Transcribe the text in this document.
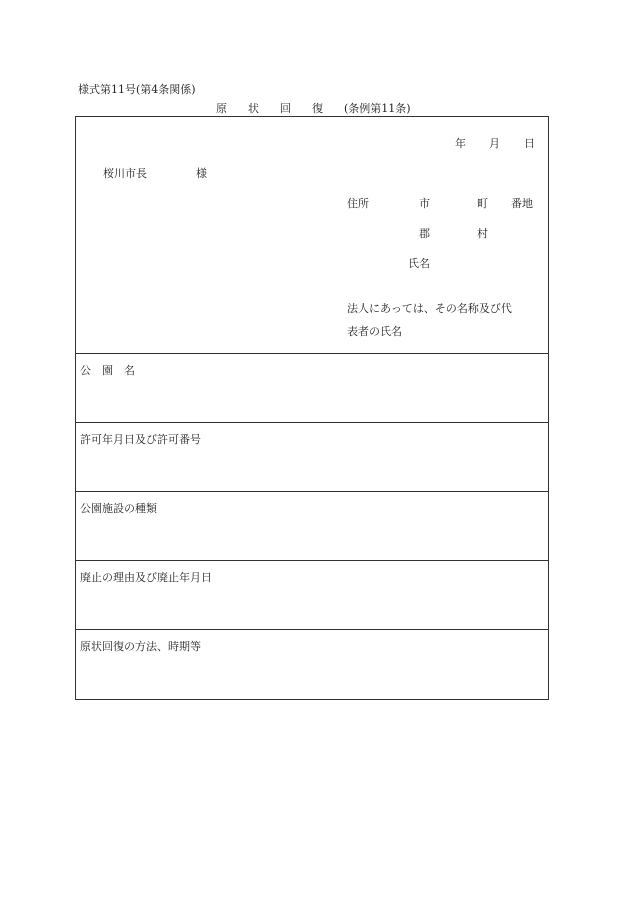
様式第11号(第4条関係)
原状回復(条例第11条)
年 月 日
桜川市長	様
住所	市	町 番地
郡	村
氏名
法人にあっては、その名称及び代
表者の氏名
公　園　名
許可年月日及び許可番号
公園施設の種類
廃止の理由及び廃止年月日
原状回復の方法、時期等
